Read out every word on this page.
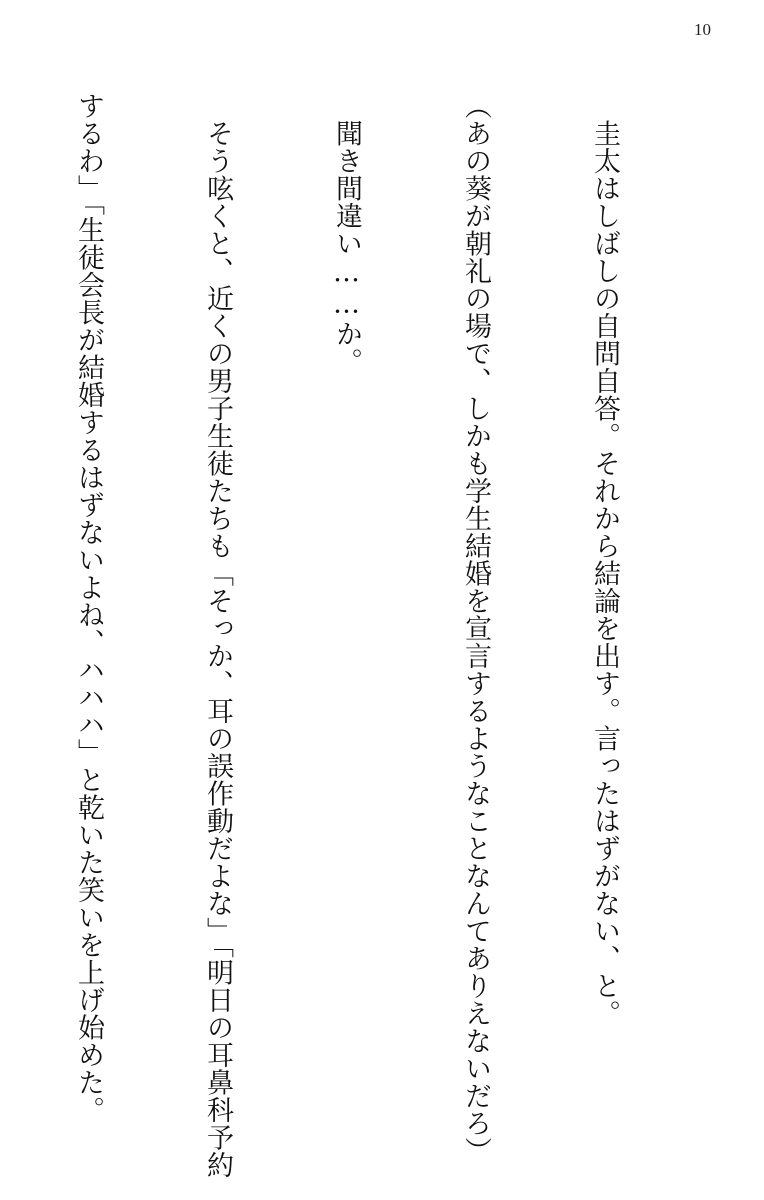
10

　圭太はしばしの自問自答。それから結論を出す。言ったはずがない、と。

（あの葵が朝礼の場で、しかも学生結婚を宣言するようなことなんてありえないだろ）

　聞き間違い……か。

　そう呟くと、近くの男子生徒たちも「そっか、耳の誤作動だよな」「明日の耳鼻科予約

するわ」「生徒会長が結婚するはずないよね、ハハハ」と乾いた笑いを上げ始めた。
